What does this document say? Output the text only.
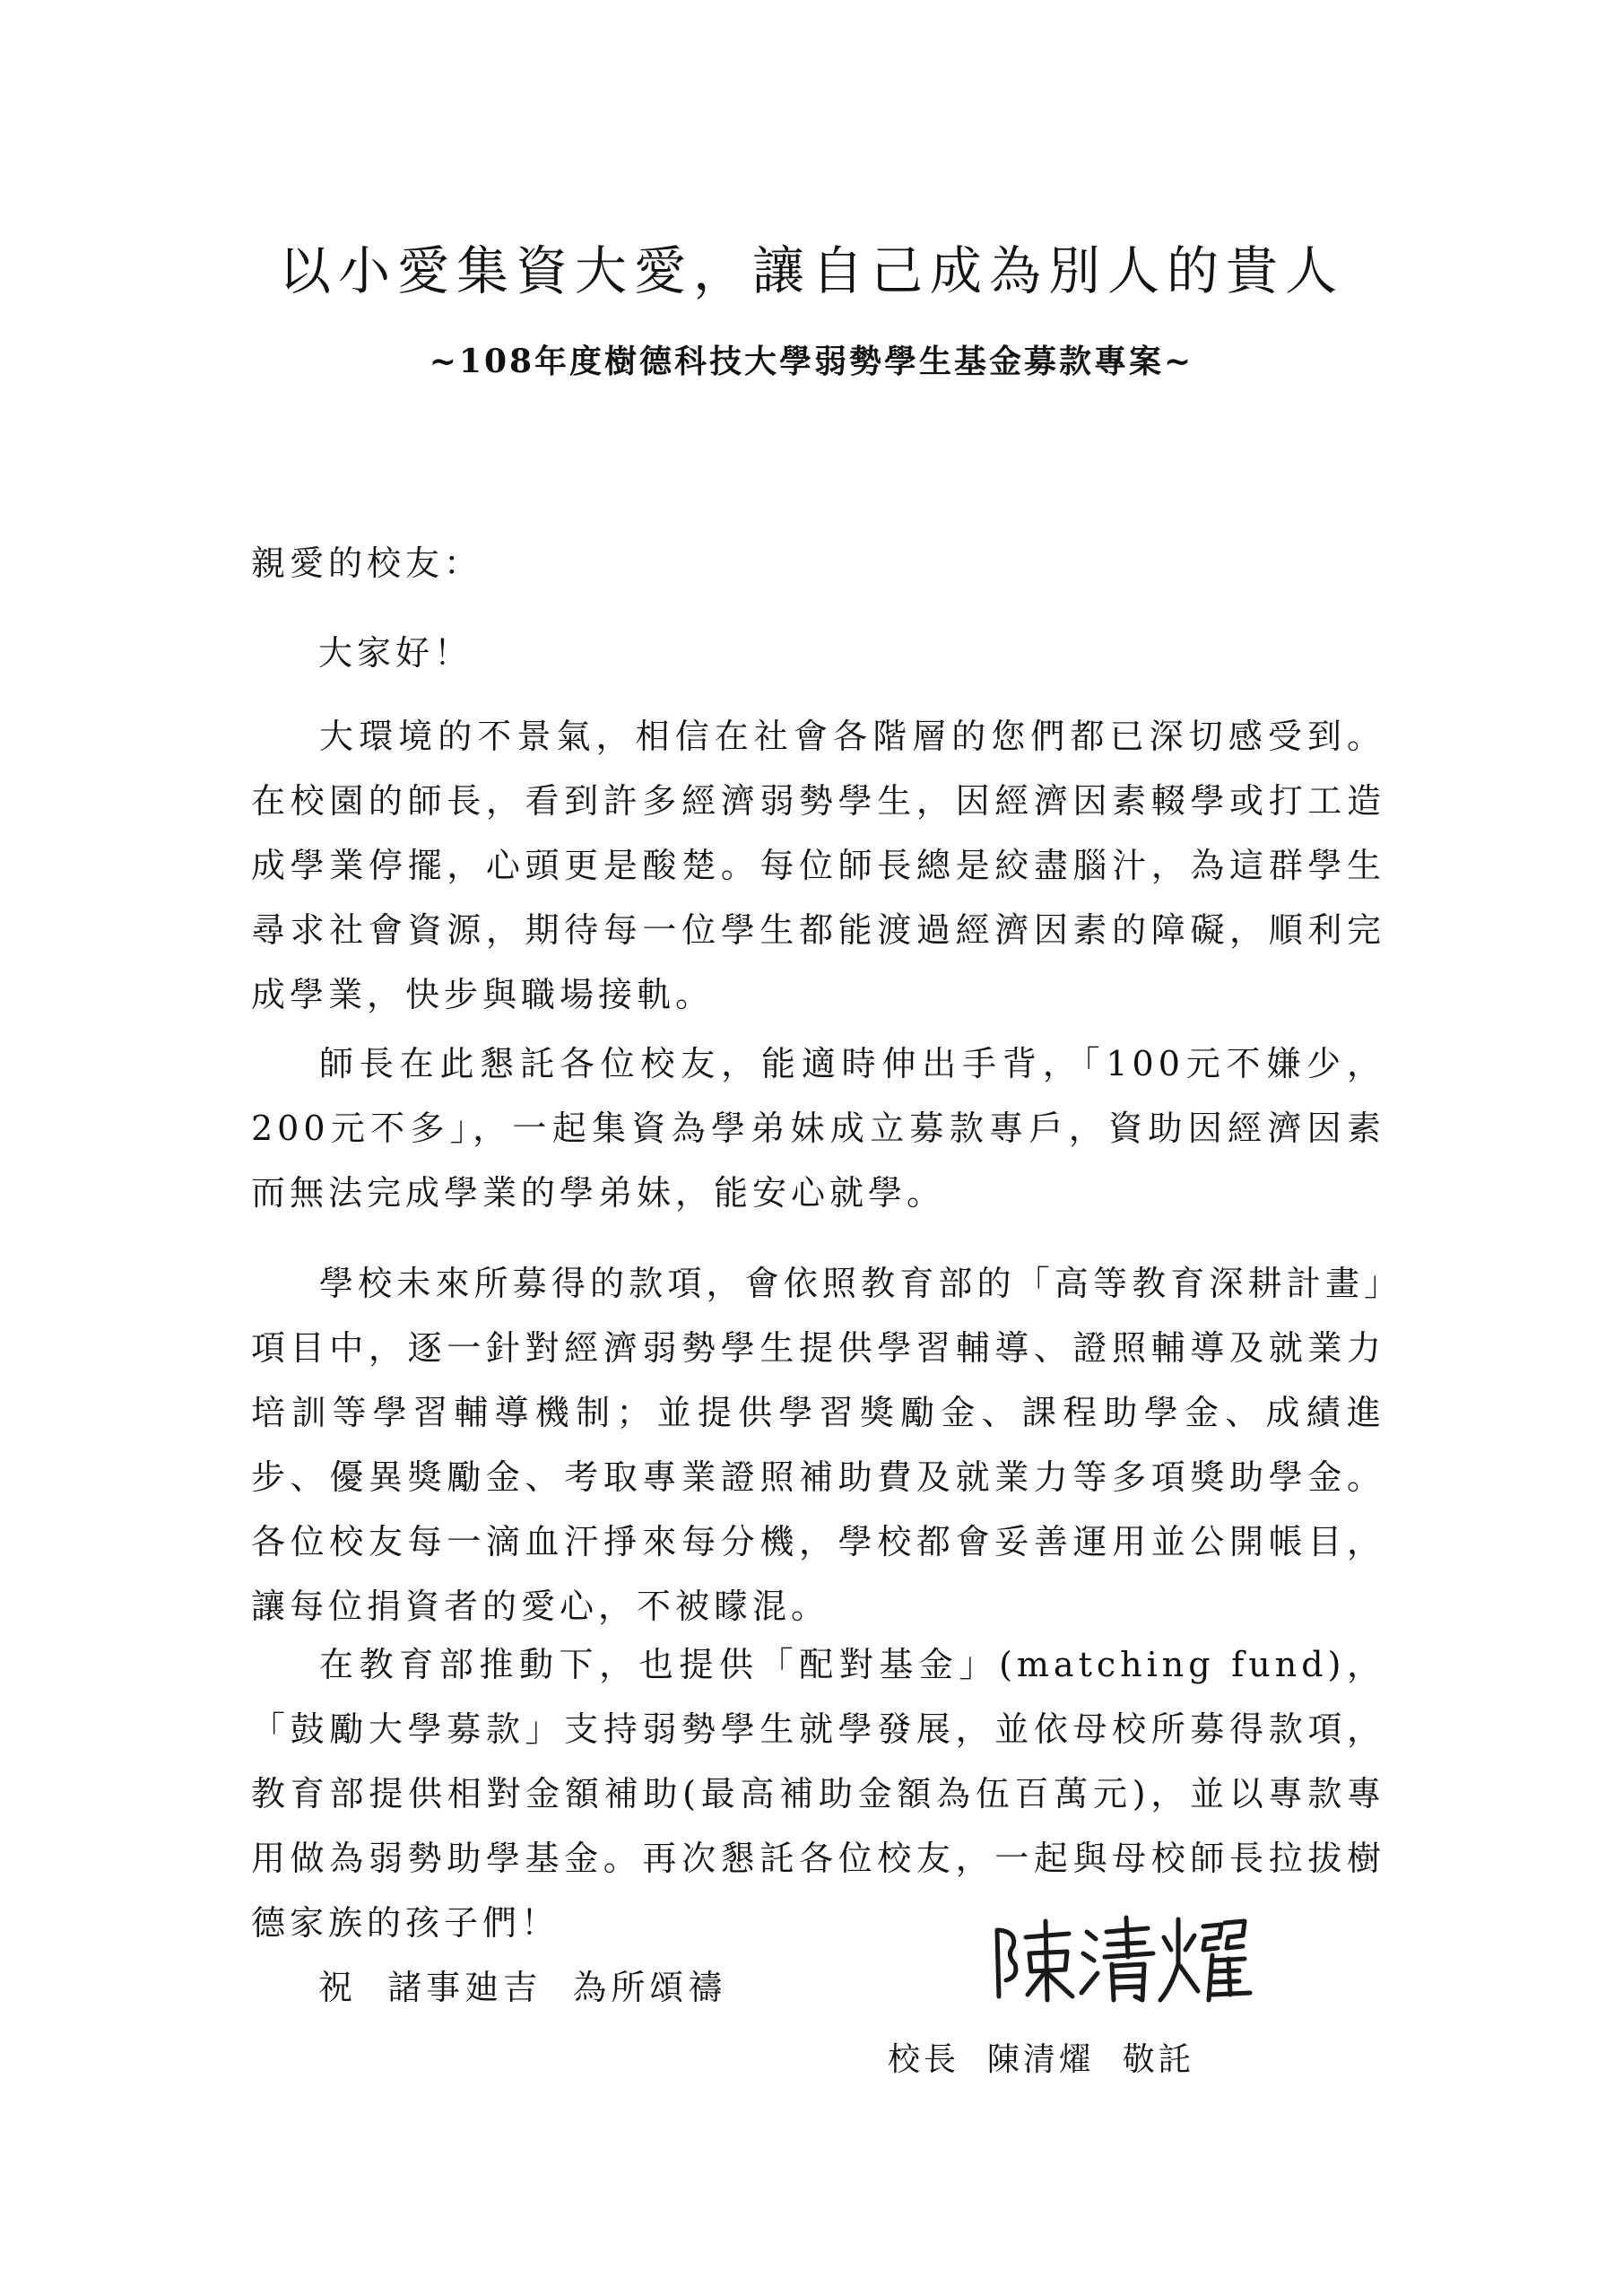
以小愛集資大愛，讓自己成為別人的貴人
~108年度樹德科技大學弱勢學生基金募款專案~

親愛的校友：

大家好！

大環境的不景氣，相信在社會各階層的您們都已深切感受到。在校園的師長，看到許多經濟弱勢學生，因經濟因素輟學或打工造成學業停擺，心頭更是酸楚。每位師長總是絞盡腦汁，為這群學生尋求社會資源，期待每一位學生都能渡過經濟因素的障礙，順利完成學業，快步與職場接軌。

師長在此懇託各位校友，能適時伸出手背，「100元不嫌少，200元不多」，一起集資為學弟妹成立募款專戶，資助因經濟因素而無法完成學業的學弟妹，能安心就學。

學校未來所募得的款項，會依照教育部的「高等教育深耕計畫」項目中，逐一針對經濟弱勢學生提供學習輔導、證照輔導及就業力培訓等學習輔導機制；並提供學習獎勵金、課程助學金、成績進步、優異獎勵金、考取專業證照補助費及就業力等多項獎助學金。各位校友每一滴血汗掙來每分機，學校都會妥善運用並公開帳目，讓每位捐資者的愛心，不被矇混。

在教育部推動下，也提供「配對基金」(matching fund)，「鼓勵大學募款」支持弱勢學生就學發展，並依母校所募得款項，教育部提供相對金額補助(最高補助金額為伍百萬元)，並以專款專用做為弱勢助學基金。再次懇託各位校友，一起與母校師長拉拔樹德家族的孩子們！

祝  諸事廸吉  為所頌禱
校長  陳清燿  敬託
